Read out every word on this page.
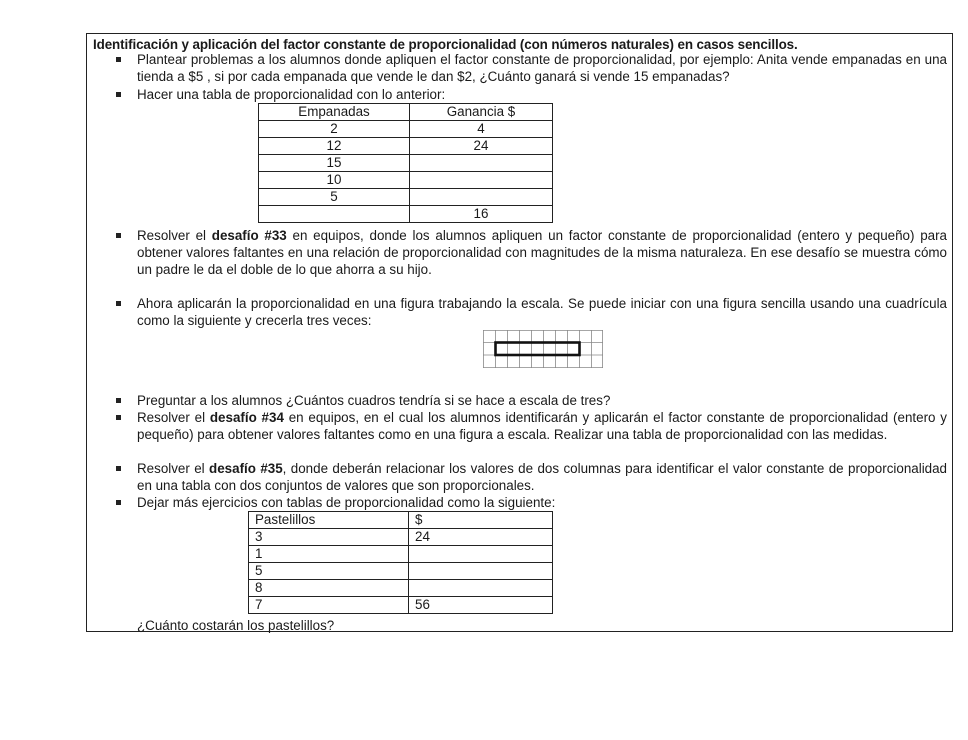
Identificación y aplicación del factor constante de proporcionalidad (con números naturales) en casos sencillos.
Plantear problemas a los alumnos donde apliquen el factor constante de proporcionalidad, por ejemplo: Anita vende empanadas en una tienda a $5 , si por cada empanada que vende le dan $2, ¿Cuánto ganará si vende 15 empanadas?
Hacer una tabla de proporcionalidad con lo anterior:
Empanadas	Ganancia $
2	4
12	24
15	
10	
5	
	16
Resolver el desafío #33 en equipos, donde los alumnos apliquen un factor constante de proporcionalidad (entero y pequeño) para obtener valores faltantes en una relación de proporcionalidad con magnitudes de la misma naturaleza. En ese desafío se muestra cómo un padre le da el doble de lo que ahorra a su hijo.
Ahora aplicarán la proporcionalidad en una figura trabajando la escala. Se puede iniciar con una figura sencilla usando una cuadrícula como la siguiente y crecerla tres veces:
Preguntar a los alumnos ¿Cuántos cuadros tendría si se hace a escala de tres?
Resolver el desafío #34 en equipos, en el cual los alumnos identificarán y aplicarán el factor constante de proporcionalidad (entero y pequeño) para obtener valores faltantes como en una figura a escala. Realizar una tabla de proporcionalidad con las medidas.
Resolver el desafío #35, donde deberán relacionar los valores de dos columnas para identificar el valor constante de proporcionalidad en una tabla con dos conjuntos de valores que son proporcionales.
Dejar más ejercicios con tablas de proporcionalidad como la siguiente:
Pastelillos	$
3	24
1	
5	
8	
7	56
¿Cuánto costarán los pastelillos?
